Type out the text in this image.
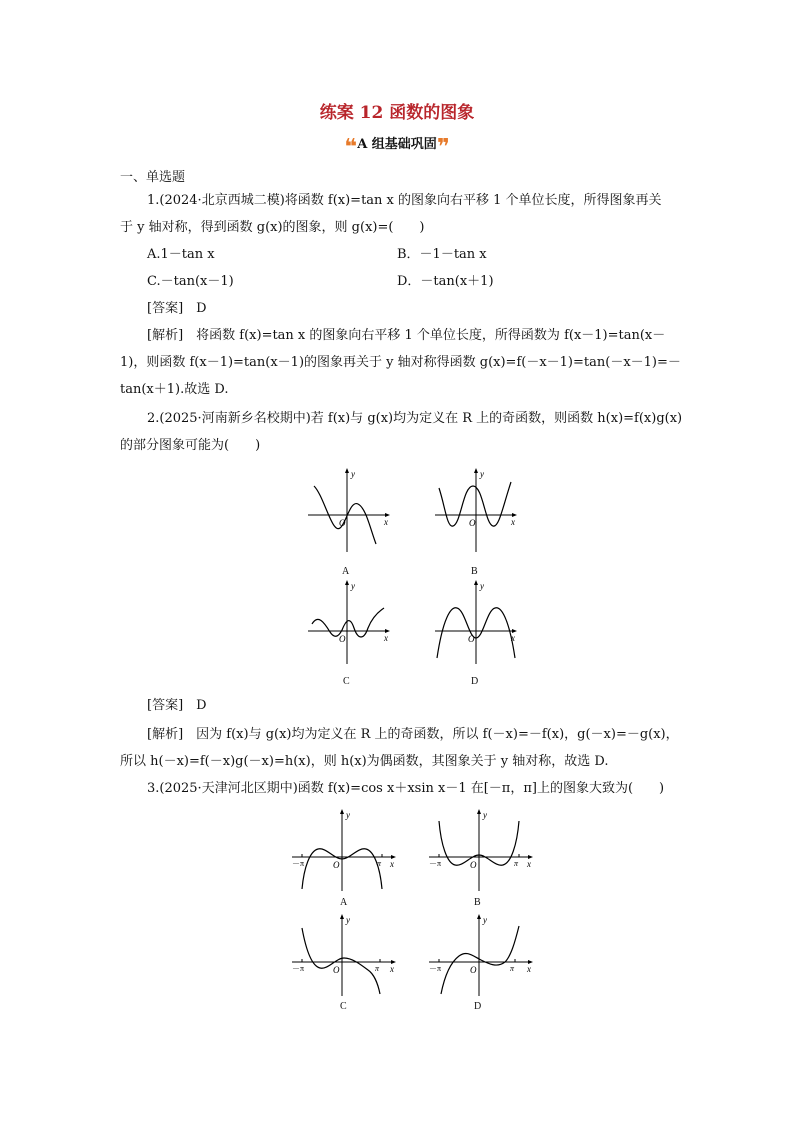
练案 12 函数的图象
❝A 组基础巩固❞
一、单选题
1.(2024·北京西城二模)将函数 f(x)=tan x 的图象向右平移 1 个单位长度，所得图象再关
于 y 轴对称，得到函数 g(x)的图象，则 g(x)=(　　)
A.1－tan x	B．－1－tan x
C.－tan(x－1)	D．－tan(x＋1)
[答案]　D
[解析]　将函数 f(x)=tan x 的图象向右平移 1 个单位长度，所得函数为 f(x－1)=tan(x－
1)，则函数 f(x－1)=tan(x－1)的图象再关于 y 轴对称得函数 g(x)=f(－x－1)=tan(－x－1)=－
tan(x＋1).故选 D.
2.(2025·河南新乡名校期中)若 f(x)与 g(x)均为定义在 R 上的奇函数，则函数 h(x)=f(x)g(x)
的部分图象可能为(　　)
y
x
O
A
y
x
O
B
y
x
O
C
y
x
O
D
[答案]　D
[解析]　因为 f(x)与 g(x)均为定义在 R 上的奇函数，所以 f(－x)=－f(x)，g(－x)=－g(x)，
所以 h(－x)=f(－x)g(－x)=h(x)，则 h(x)为偶函数，其图象关于 y 轴对称，故选 D.
3.(2025·天津河北区期中)函数 f(x)=cos x＋xsin x－1 在[－π，π]上的图象大致为(　　)
－π	π
y
x
O
A
－π	π
y
x
O
B
－π	π
y
x
O
C
－π	π
y
x
O
D
